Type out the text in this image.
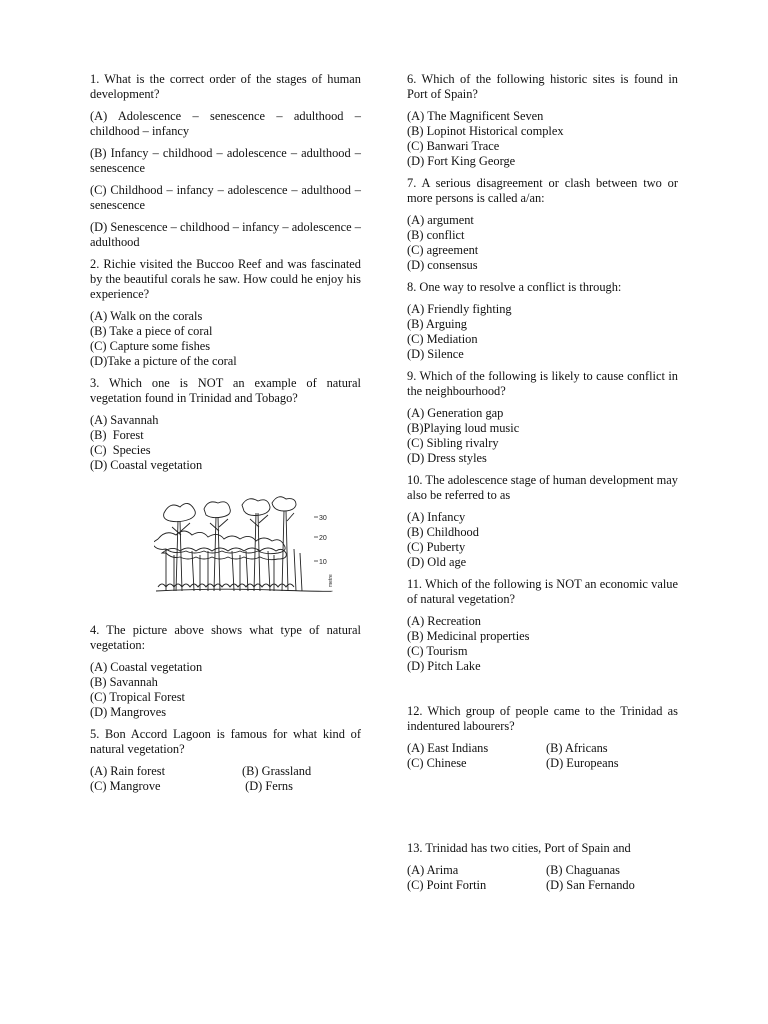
1. What is the correct order of the stages of human development?
(A) Adolescence – senescence – adulthood – childhood – infancy
(B) Infancy – childhood – adolescence – adulthood – senescence
(C) Childhood – infancy – adolescence – adulthood – senescence
(D) Senescence – childhood – infancy – adolescence – adulthood
2. Richie visited the Buccoo Reef and was fascinated by the beautiful corals he saw. How could he enjoy his experience?
(A) Walk on the corals
(B) Take a piece of coral
(C) Capture some fishes
(D)Take a picture of the coral
3. Which one is NOT an example of natural vegetation found in Trinidad and Tobago?
(A) Savannah
(B)  Forest
(C)  Species
(D) Coastal vegetation
30
20
10
metre
4. The picture above shows what type of natural vegetation:
(A) Coastal vegetation
(B) Savannah
(C) Tropical Forest
(D) Mangroves
5. Bon Accord Lagoon is famous for what kind of natural vegetation?
(A) Rain forest	(B) Grassland
(C) Mangrove	(D) Ferns
6. Which of the following historic sites is found in Port of Spain?
(A) The Magnificent Seven
(B) Lopinot Historical complex
(C) Banwari Trace
(D) Fort King George
7. A serious disagreement or clash between two or more persons is called a/an:
(A) argument
(B) conflict
(C) agreement
(D) consensus
8. One way to resolve a conflict is through:
(A) Friendly fighting
(B) Arguing
(C) Mediation
(D) Silence
9. Which of the following is likely to cause conflict in the neighbourhood?
(A) Generation gap
(B)Playing loud music
(C) Sibling rivalry
(D) Dress styles
10. The adolescence stage of human development may also be referred to as
(A) Infancy
(B) Childhood
(C) Puberty
(D) Old age
11. Which of the following is NOT an economic value of natural vegetation?
(A) Recreation
(B) Medicinal properties
(C) Tourism
(D) Pitch Lake
12. Which group of people came to the Trinidad as indentured labourers?
(A) East Indians	(B) Africans
(C) Chinese	(D) Europeans
13. Trinidad has two cities, Port of Spain and
(A) Arima	(B) Chaguanas
(C) Point Fortin	(D) San Fernando
